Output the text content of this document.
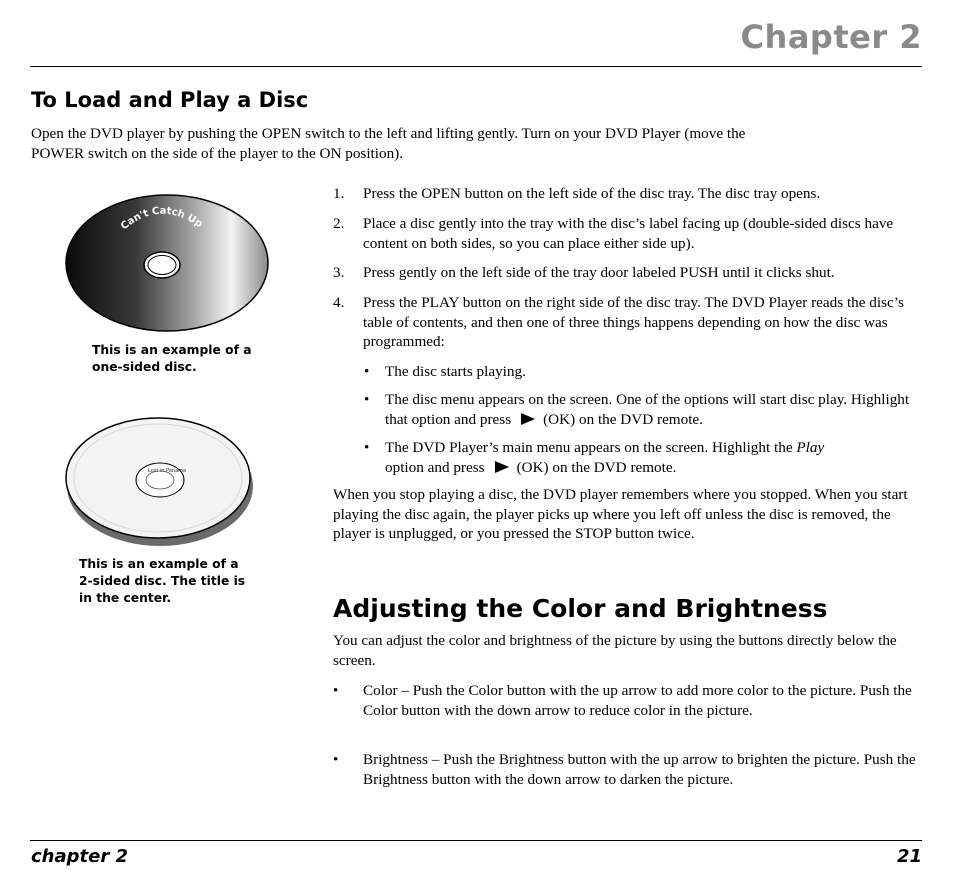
Chapter 2
To Load and Play a Disc
Open the DVD player by pushing the OPEN switch to the left and lifting gently. Turn on your DVD Player (move the POWER switch on the side of the player to the ON position).
Can't Catch Up
This is an example of a one-sided disc.
Lost in Panama
This is an example of a 2-sided disc. The title is in the center.
1. Press the OPEN button on the left side of the disc tray. The disc tray opens.
2. Place a disc gently into the tray with the disc’s label facing up (double-sided discs have content on both sides, so you can place either side up).
3. Press gently on the left side of the tray door labeled PUSH until it clicks shut.
4. Press the PLAY button on the right side of the disc tray. The DVD Player reads the disc’s table of contents, and then one of three things happens depending on how the disc was programmed:
• The disc starts playing.
• The disc menu appears on the screen. One of the options will start disc play. Highlight that option and press (OK) on the DVD remote.
• The DVD Player’s main menu appears on the screen. Highlight the Play
option and press (OK) on the DVD remote.
When you stop playing a disc, the DVD player remembers where you stopped. When you start playing the disc again, the player picks up where you left off unless the disc is removed, the player is unplugged, or you pressed the STOP button twice.
Adjusting the Color and Brightness
You can adjust the color and brightness of the picture by using the buttons directly below the screen.
• Color – Push the Color button with the up arrow to add more color to the picture. Push the Color button with the down arrow to reduce color in the picture.
• Brightness – Push the Brightness button with the up arrow to brighten the picture. Push the Brightness button with the down arrow to darken the picture.
chapter 2	21
